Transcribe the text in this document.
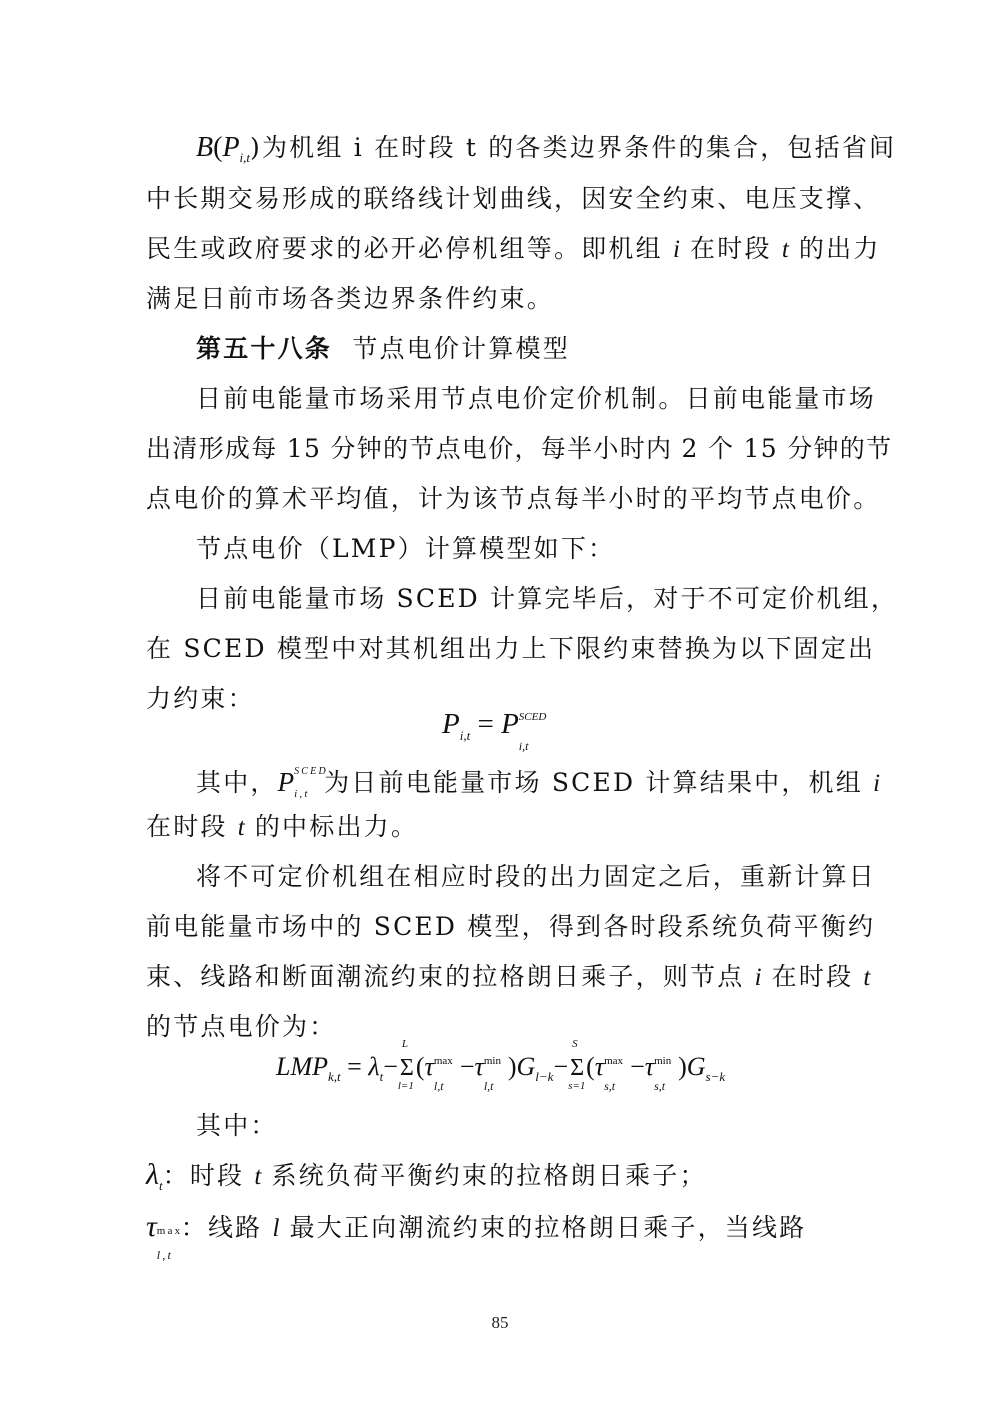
$B(P_{i,t})$为机组 i 在时段 t 的各类边界条件的集合，包括省间
中长期交易形成的联络线计划曲线，因安全约束、电压支撑、
民生或政府要求的必开必停机组等。即机组 i 在时段 t 的出力
满足日前市场各类边界条件约束。
第五十八条 节点电价计算模型
日前电能量市场采用节点电价定价机制。日前电能量市场
出清形成每 15 分钟的节点电价，每半小时内 2 个 15 分钟的节
点电价的算术平均值，计为该节点每半小时的平均节点电价。
节点电价（LMP）计算模型如下：
日前电能量市场 SCED 计算完毕后，对于不可定价机组，
在 SCED 模型中对其机组出力上下限约束替换为以下固定出
力约束：
$P_{i,t} = P$ SCED
i,t
其中，P SCED
i,t 为日前电能量市场 SCED 计算结果中，机组 i
在时段 t 的中标出力。
将不可定价机组在相应时段的出力固定之后，重新计算日
前电能量市场中的 SCED 模型，得到各时段系统负荷平衡约
束、线路和断面潮流约束的拉格朗日乘子，则节点 i 在时段 t
的节点电价为：
$LMP_{k,t} = \lambda_t-$
L
Σ
l=1
(τ max
l,t
−τ min
l,t
)$G_{l-k}-$
S
Σ
s=1
(τ max
s,t
−τ min
s,t
)$G_{s-k}$
其中：
$\lambda_t$：时段 t 系统负荷平衡约束的拉格朗日乘子；
τ max
l,t
：线路 l 最大正向潮流约束的拉格朗日乘子，当线路
85
